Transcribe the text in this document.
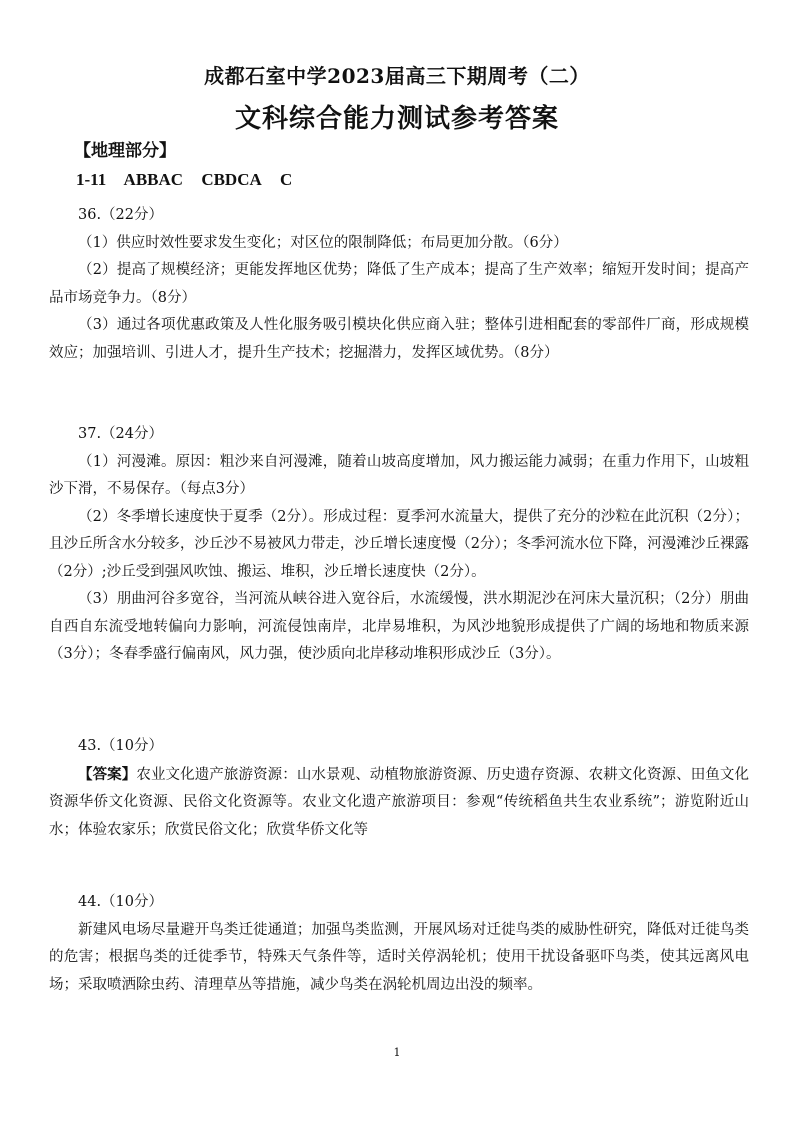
成都石室中学2023届高三下期周考（二）
文科综合能力测试参考答案
【地理部分】
1-11 ABBAC CBDCA C

36.（22分）

（1）供应时效性要求发生变化；对区位的限制降低；布局更加分散。（6分）

（2）提高了规模经济；更能发挥地区优势；降低了生产成本；提高了生产效率；缩短开发时间；提高产品市场竞争力。（8分）

（3）通过各项优惠政策及人性化服务吸引模块化供应商入驻；整体引进相配套的零部件厂商，形成规模效应；加强培训、引进人才，提升生产技术；挖掘潜力，发挥区域优势。（8分）

37.（24分）

（1）河漫滩。原因：粗沙来自河漫滩，随着山坡高度增加，风力搬运能力减弱；在重力作用下，山坡粗沙下滑，不易保存。（每点3分）

（2）冬季增长速度快于夏季（2分）。形成过程：夏季河水流量大，提供了充分的沙粒在此沉积（2分）；且沙丘所含水分较多，沙丘沙不易被风力带走，沙丘增长速度慢（2分）；冬季河流水位下降，河漫滩沙丘裸露（2分）;沙丘受到强风吹蚀、搬运、堆积，沙丘增长速度快（2分）。

（3）朋曲河谷多宽谷，当河流从峡谷进入宽谷后，水流缓慢，洪水期泥沙在河床大量沉积；（2分）朋曲自西自东流受地转偏向力影响，河流侵蚀南岸，北岸易堆积，为风沙地貌形成提供了广阔的场地和物质来源（3分）；冬春季盛行偏南风，风力强，使沙质向北岸移动堆积形成沙丘（3分）。

43.（10分）

【答案】农业文化遗产旅游资源：山水景观、动植物旅游资源、历史遗存资源、农耕文化资源、田鱼文化资源华侨文化资源、民俗文化资源等。农业文化遗产旅游项目：参观“传统稻鱼共生农业系统”；游览附近山水；体验农家乐；欣赏民俗文化；欣赏华侨文化等

44.（10分）

新建风电场尽量避开鸟类迁徙通道；加强鸟类监测，开展风场对迁徙鸟类的威胁性研究，降低对迁徙鸟类的危害；根据鸟类的迁徙季节，特殊天气条件等，适时关停涡轮机；使用干扰设备驱吓鸟类，使其远离风电场；采取喷洒除虫药、清理草丛等措施，减少鸟类在涡轮机周边出没的频率。

1
